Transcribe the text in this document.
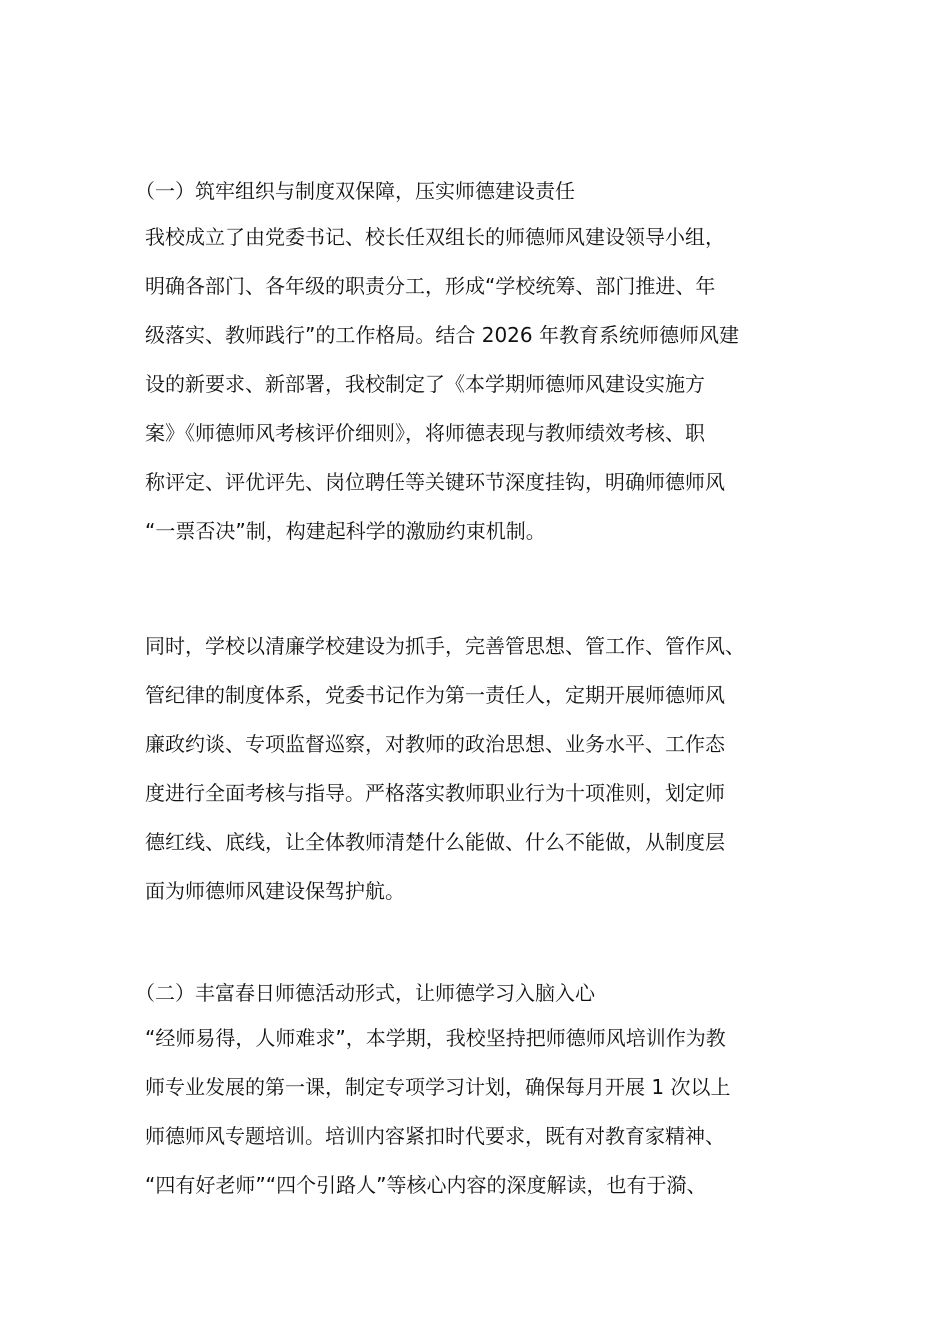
（一）筑牢组织与制度双保障，压实师德建设责任

我校成立了由党委书记、校长任双组长的师德师风建设领导小组，
明确各部门、各年级的职责分工，形成“学校统筹、部门推进、年
级落实、教师践行”的工作格局。结合 2026 年教育系统师德师风建
设的新要求、新部署，我校制定了《本学期师德师风建设实施方
案》《师德师风考核评价细则》，将师德表现与教师绩效考核、职
称评定、评优评先、岗位聘任等关键环节深度挂钩，明确师德师风
“一票否决”制，构建起科学的激励约束机制。

同时，学校以清廉学校建设为抓手，完善管思想、管工作、管作风、
管纪律的制度体系，党委书记作为第一责任人，定期开展师德师风
廉政约谈、专项监督巡察，对教师的政治思想、业务水平、工作态
度进行全面考核与指导。严格落实教师职业行为十项准则，划定师
德红线、底线，让全体教师清楚什么能做、什么不能做，从制度层
面为师德师风建设保驾护航。

（二）丰富春日师德活动形式，让师德学习入脑入心

“经师易得，人师难求”，本学期，我校坚持把师德师风培训作为教
师专业发展的第一课，制定专项学习计划，确保每月开展 1 次以上
师德师风专题培训。培训内容紧扣时代要求，既有对教育家精神、
“四有好老师”“四个引路人”等核心内容的深度解读，也有于漪、
